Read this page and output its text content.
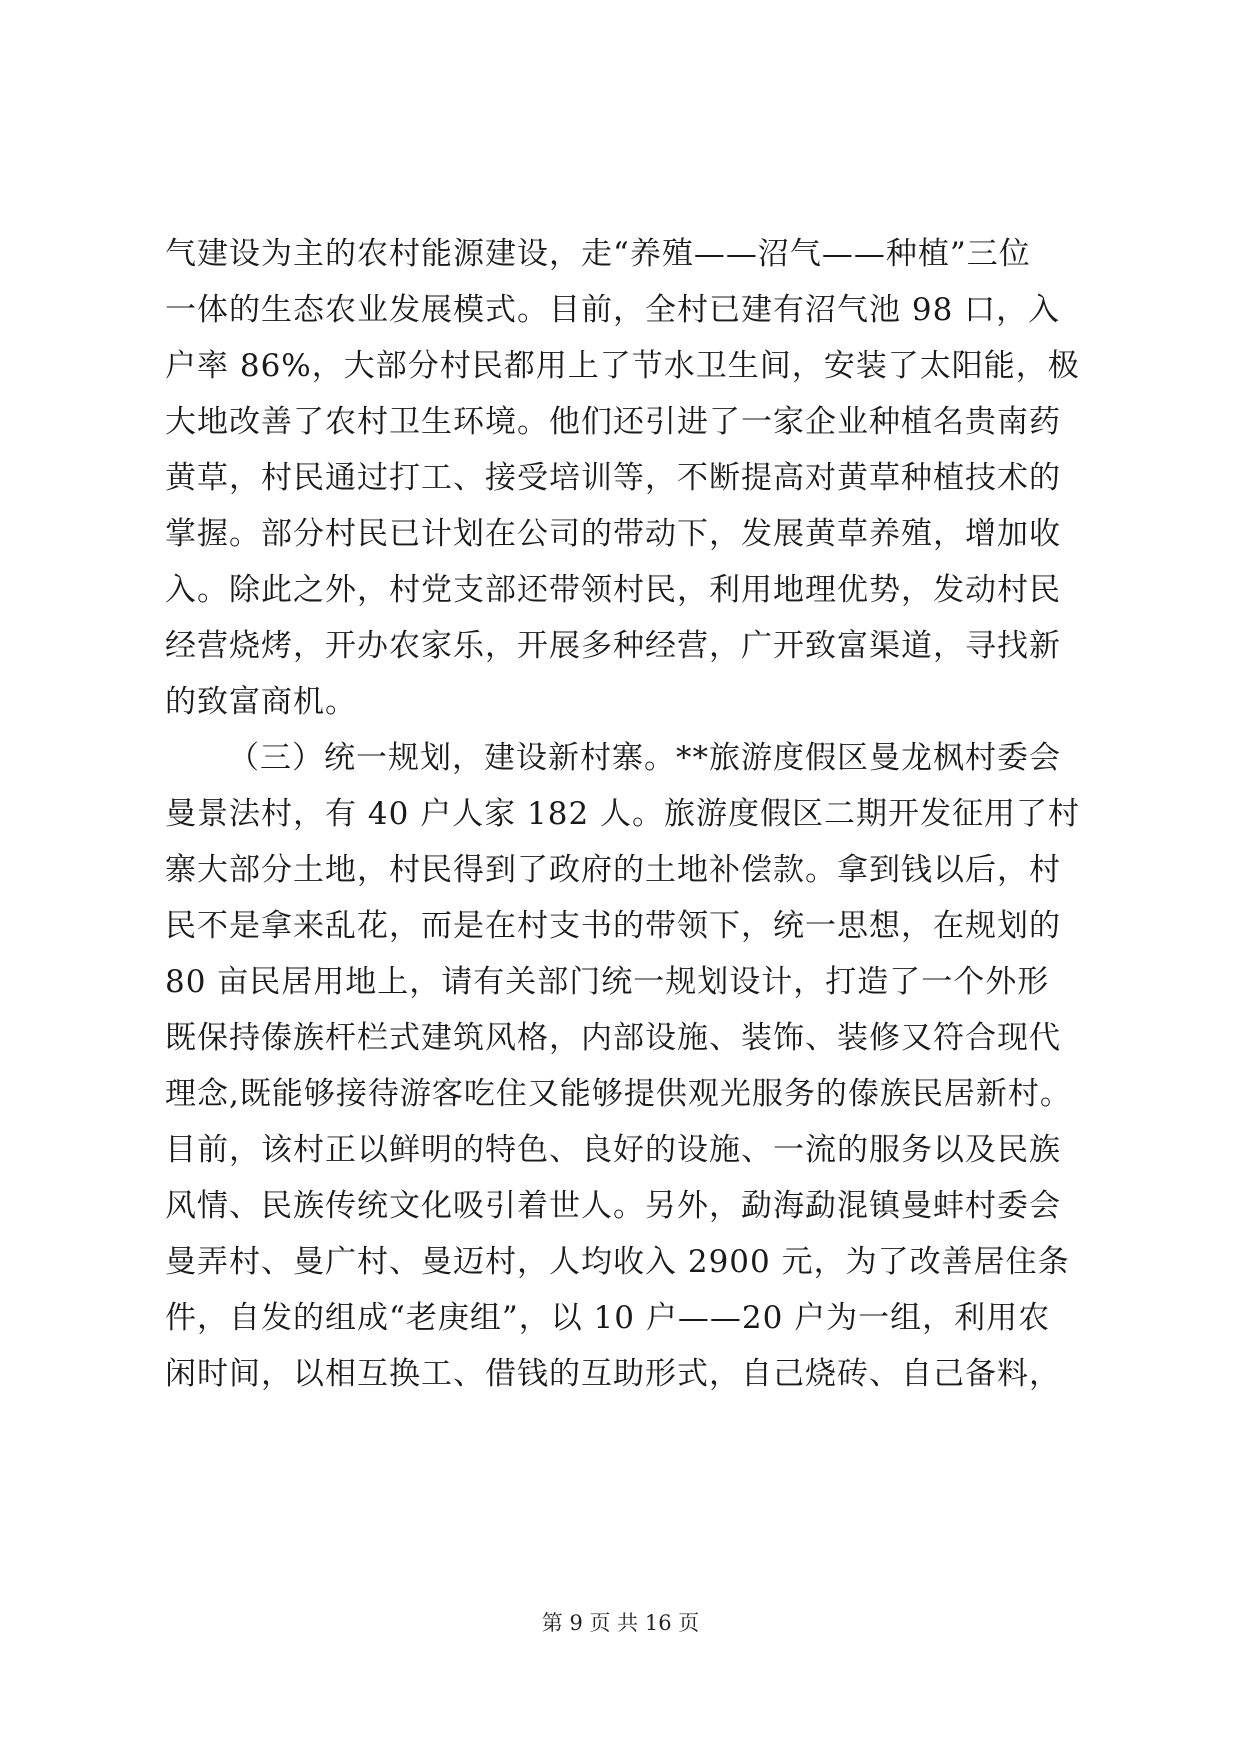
气建设为主的农村能源建设，走“养殖——沼气——种植”三位
一体的生态农业发展模式。目前，全村已建有沼气池 98 口，入
户率 86%，大部分村民都用上了节水卫生间，安装了太阳能，极
大地改善了农村卫生环境。他们还引进了一家企业种植名贵南药
黄草，村民通过打工、接受培训等，不断提高对黄草种植技术的
掌握。部分村民已计划在公司的带动下，发展黄草养殖，增加收
入。除此之外，村党支部还带领村民，利用地理优势，发动村民
经营烧烤，开办农家乐，开展多种经营，广开致富渠道，寻找新
的致富商机。
（三）统一规划，建设新村寨。**旅游度假区曼龙枫村委会
曼景法村，有 40 户人家 182 人。旅游度假区二期开发征用了村
寨大部分土地，村民得到了政府的土地补偿款。拿到钱以后，村
民不是拿来乱花，而是在村支书的带领下，统一思想，在规划的
80 亩民居用地上，请有关部门统一规划设计，打造了一个外形
既保持傣族杆栏式建筑风格，内部设施、装饰、装修又符合现代
理念,既能够接待游客吃住又能够提供观光服务的傣族民居新村。
目前，该村正以鲜明的特色、良好的设施、一流的服务以及民族
风情、民族传统文化吸引着世人。另外，勐海勐混镇曼蚌村委会
曼弄村、曼广村、曼迈村，人均收入 2900 元，为了改善居住条
件，自发的组成“老庚组”，以 10 户——20 户为一组，利用农
闲时间，以相互换工、借钱的互助形式，自己烧砖、自己备料，
第 9 页 共 16 页
